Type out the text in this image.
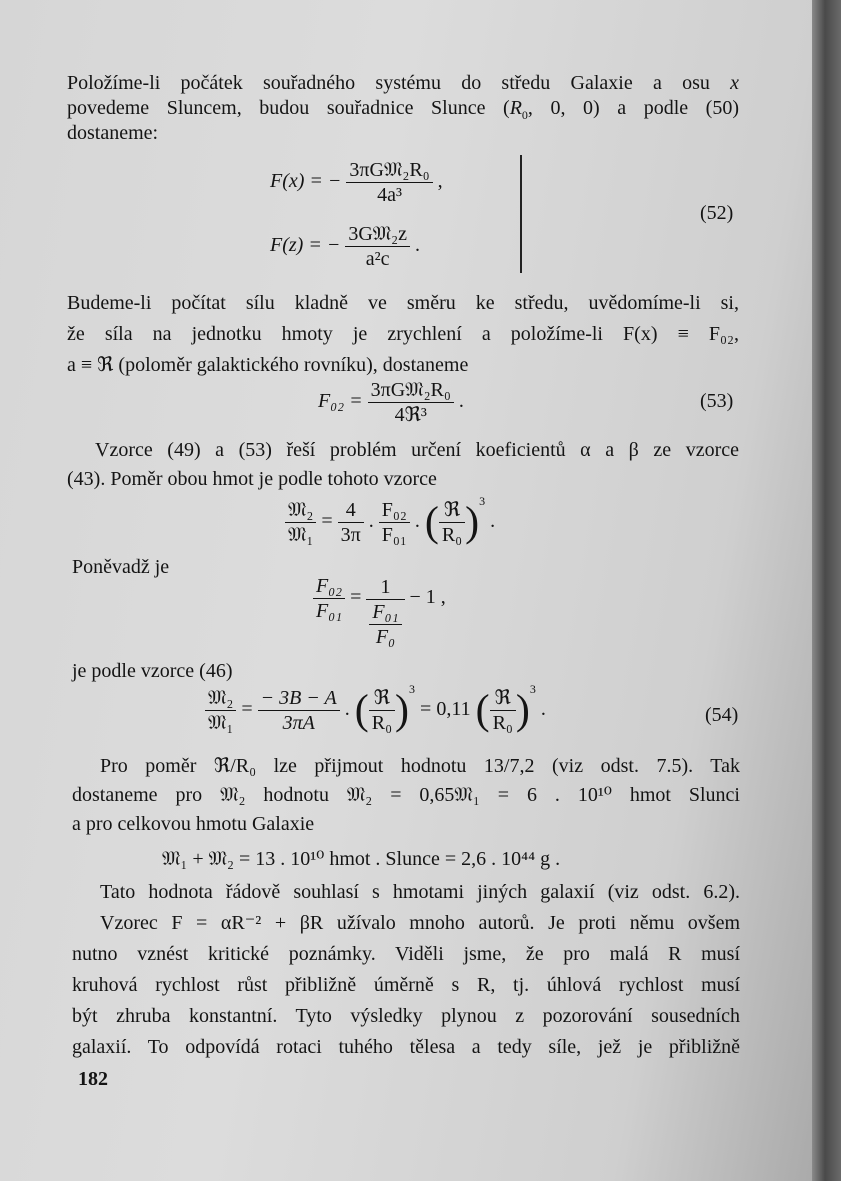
Položíme-li počátek souřadného systému do středu Galaxie a osu x
povedeme Sluncem, budou souřadnice Slunce ($R_0$, 0, 0) a podle (50)
dostaneme:
F(x) = − $\frac{\text{3πG𝔐₂R₀}}{\text{4a³}}$ ,
F(z) = − $\frac{\text{3G𝔐₂z}}{\text{a²c}}$ .
(52)
Budeme-li počítat sílu kladně ve směru ke středu, uvědomíme-li si,
že síla na jednotku hmoty je zrychlení a položíme-li F(x) ≡ F₀₂,
a ≡ ℜ (poloměr galaktického rovníku), dostaneme
$F_{02} = \frac{\text{3πG𝔐₂R₀}}{\text{4ℜ³}}$ .	(53)
Vzorce (49) a (53) řeší problém určení koeficientů α a β ze vzorce
(43). Poměr obou hmot je podle tohoto vzorce
$\frac{\text{𝔐₂}}{\text{𝔐₁}} = \frac{4}{3\pi}$ . $\frac{\text{F₀₂}}{\text{F₀₁}}$ . ( $\frac{\text{ℜ}}{\text{R₀}} )^3$ .
Poněvadž je
$\frac{\text{F₀₂}}{\text{F₀₁}} = \frac{1}{\frac{\text{F₀₁}}{\text{F₀}}} - 1$ ,
je podle vzorce (46)
$\frac{\text{𝔐₂}}{\text{𝔐₁}} = \frac{- 3B - A}{3\pi A}$ . ( $\frac{\text{ℜ}}{\text{R₀}} )^3 = 0,11$ ( $\frac{\text{ℜ}}{\text{R₀}} )^3$ .	(54)
Pro poměr ℜ/R₀ lze přijmout hodnotu 13/7,2 (viz odst. 7.5). Tak
dostaneme pro 𝔐₂ hodnotu 𝔐₂ = 0,65𝔐₁ = 6 . 10¹⁰ hmot Slunci
a pro celkovou hmotu Galaxie
𝔐₁ + 𝔐₂ = 13 . 10¹⁰ hmot . Slunce = 2,6 . 10⁴⁴ g .
Tato hodnota řádově souhlasí s hmotami jiných galaxií (viz odst. 6.2).
Vzorec F = αR⁻² + βR užívalo mnoho autorů. Je proti němu ovšem
nutno vznést kritické poznámky. Viděli jsme, že pro malá R musí
kruhová rychlost růst přibližně úměrně s R, tj. úhlová rychlost musí
být zhruba konstantní. Tyto výsledky plynou z pozorování sousedních
galaxií. To odpovídá rotaci tuhého tělesa a tedy síle, jež je přibližně
182
